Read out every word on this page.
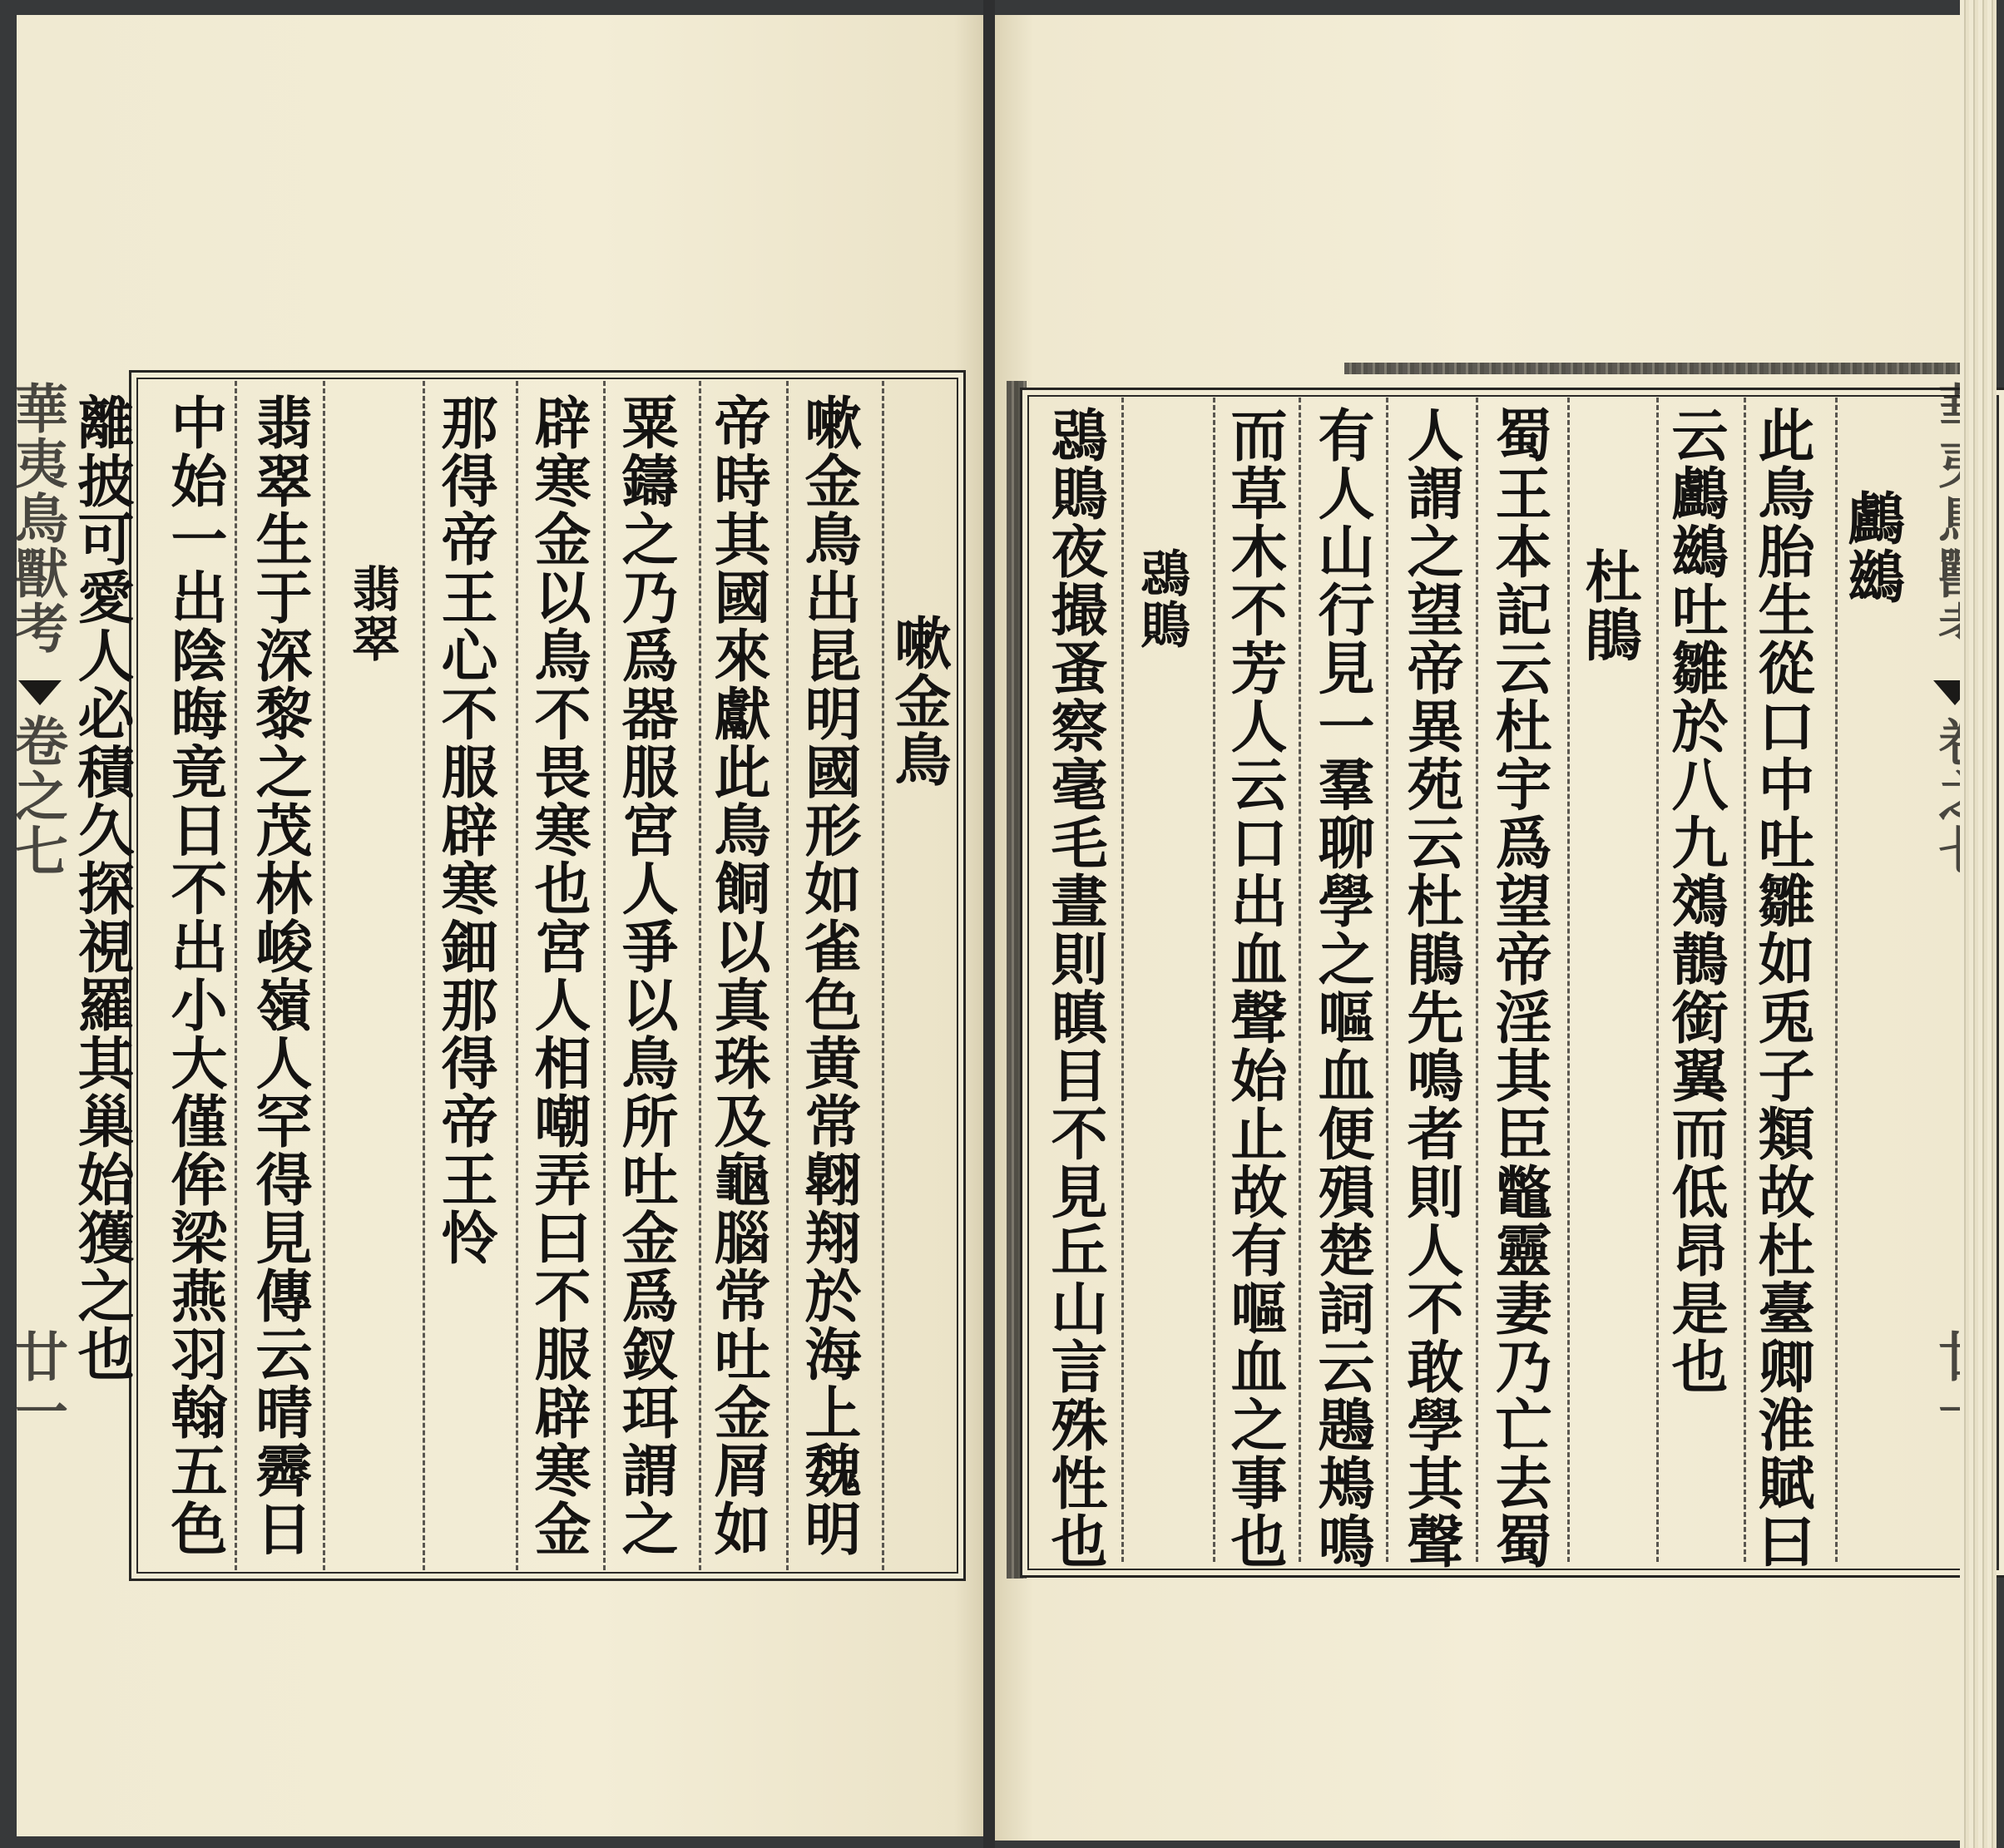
華夷鳥獸考
卷之七
廿一
嗽金鳥
嗽金鳥出昆明國形如雀色黄常翺翔於海上魏明
帝時其國來獻此鳥餇以真珠及龜腦常吐金屑如
粟鑄之乃爲器服宮人爭以鳥所吐金爲釵珥謂之
辟寒金以鳥不畏寒也宮人相嘲弄曰不服辟寒金
那得帝王心不服辟寒鈿那得帝王怜
翡翠
翡翠生于深黎之茂林峻嶺人罕得見傳云晴霽日
中始一出陰晦竟日不出小大僅侔梁燕羽翰五色
離披可愛人必積久探視羅其巢始獲之也	鸕鷀
此鳥胎生從口中吐雛如兎子類故杜臺卿淮賦曰
云鸕鷀吐雛於八九鵁鶄銜翼而低昂是也
杜鵑
蜀王本記云杜宇爲望帝淫其臣鼈靈妻乃亡去蜀
人謂之望帝異苑云杜鵑先鳴者則人不敢學其聲
有人山行見一羣聊學之嘔血便殞楚詞云鶗鴂鳴
而草木不芳人云口出血聲始止故有嘔血之事也
鵋鵙
鵋鵙夜撮蚤察毫毛晝則瞋目不見丘山言殊性也
